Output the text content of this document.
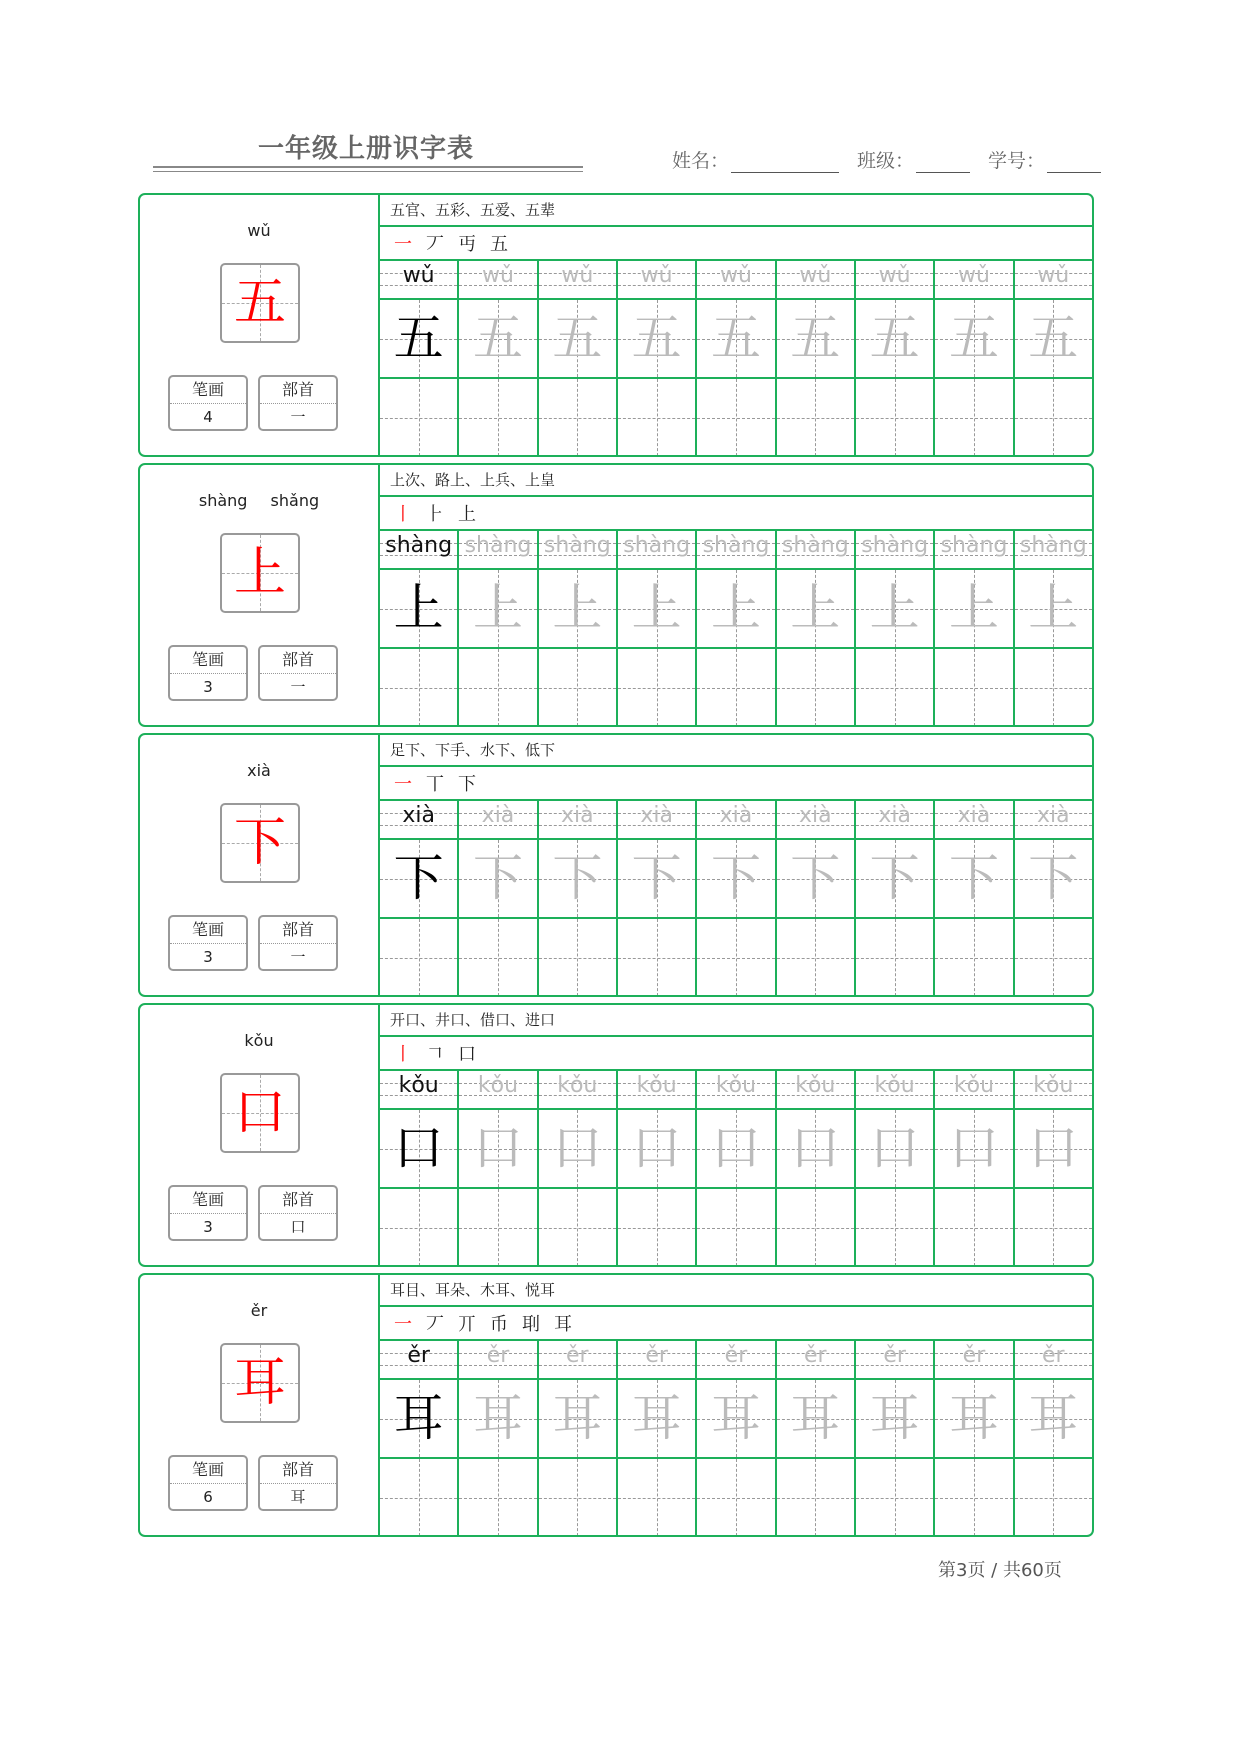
一年级上册识字表	姓名：	班级：	学号：
wǔ
五
笔画
4
部首
一
五官、五彩、五爱、五辈
一 丆 丏 五
wǔ	wǔ	wǔ	wǔ	wǔ	wǔ	wǔ	wǔ	wǔ
五 五 五 五 五 五 五 五 五
shàng shǎng
上
笔画
3
部首
一
上次、路上、上兵、上皇
丨 ⺊ 上
shàng shàng shàng shàng shàng shàng shàng shàng shàng
上 上 上 上 上 上 上 上 上
xià
下
笔画
3
部首
一
足下、下手、水下、低下
一 丅 下
xià	xià	xià	xià	xià	xià	xià	xià	xià
下 下 下 下 下 下 下 下 下
kǒu
口
笔画
3
部首
口
开口、井口、借口、进口
丨 𠃍 口
kǒu	kǒu	kǒu	kǒu	kǒu	kǒu	kǒu	kǒu	kǒu
口 口 口 口 口 口 口 口 口
ěr
耳
笔画
6
部首
耳
耳目、耳朵、木耳、悦耳
一 丆 丌 币 刵 耳
ěr	ěr	ěr	ěr	ěr	ěr	ěr	ěr	ěr
耳 耳 耳 耳 耳 耳 耳 耳 耳
第3页 / 共60页
